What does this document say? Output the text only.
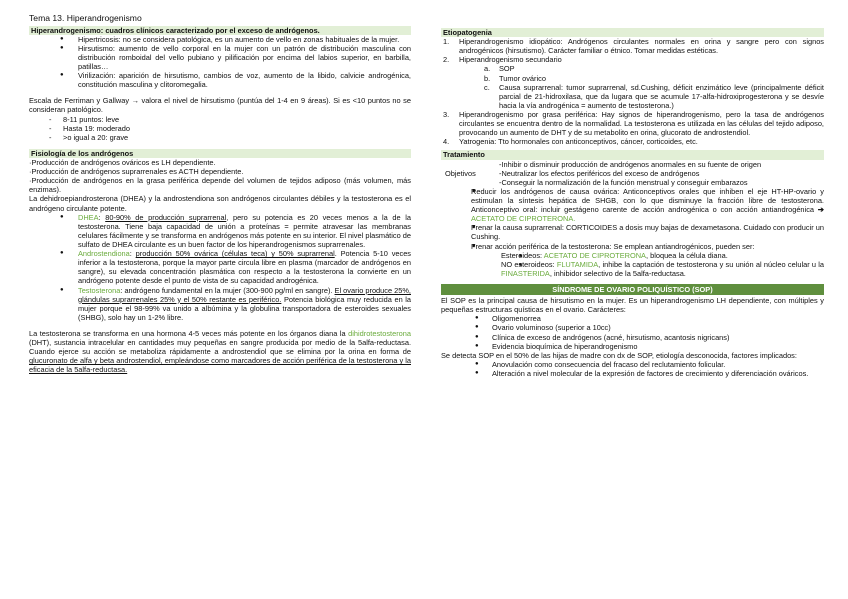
Tema 13. Hiperandrogenismo
Hiperandrogenismo: cuadros clínicos caracterizado por el exceso de andrógenos.
● Hipertricosis: no se considera patológica, es un aumento de vello en zonas habituales de la mujer.
● Hirsutismo: aumento de vello corporal en la mujer con un patrón de distribución masculina con distribución romboidal del vello pubiano y pilificación por encima del labios superior, en barbilla, patillas…
● Virilización: aparición de hirsutismo, cambios de voz, aumento de la libido, calvicie androgénica, constitución masculina y clitoromegalia.

Escala de Ferriman y Gallway → valora el nivel de hirsutismo (puntúa del 1-4 en 9 áreas). Si es <10 puntos no se consideran patológico.

- 8-11 puntos: leve
- Hasta 19: moderado
- >o igual a 20: grave
Fisiología de los andrógenos

·Producción de andrógenos ováricos es LH dependiente.

·Producción de andrógenos suprarrenales es ACTH dependiente.

·Producción de andrógenos en la grasa periférica depende del volumen de tejidos adiposo (más volumen, más enzimas).

La dehidroepiandrosterona (DHEA) y la androstendiona son andrógenos circulantes débiles y la testosterona es el andrógeno circulante potente.

● DHEA: 80-90% de producción suprarrenal, pero su potencia es 20 veces menos a la de la testosterona. Tiene baja capacidad de unión a proteínas = permite atravesar las membranas celulares fácilmente y se transforma en andrógenos más potente en su interior. El nivel plasmático de sulfato de DHEA circulante es un buen factor de los hiperandrogenismos suprarrenales.
● Androstendiona: producción 50% ovárica (células teca) y 50% suprarrenal. Potencia 5-10 veces inferior a la testosterona, porque la mayor parte circula libre en plasma (marcador de andrógenos en sangre), su elevada concentración plasmática con respecto a la testosterona la convierte en un andrógeno potente desde el punto de vista de su capacidad androgénica.
● Testosterona: andrógeno fundamental en la mujer (300-900 pg/ml en sangre). El ovario produce 25%, glándulas suprarrenales 25% y el 50% restante es periférico. Potencia biológica muy reducida en la mujer porque el 98-99% va unido a albúmina y la globulina transportadora de esteroides sexuales (SHBG), solo hay un 1-2% libre.

La testosterona se transforma en una hormona 4-5 veces más potente en los órganos diana la dihidrotestosterona (DHT), sustancia intracelular en cantidades muy pequeñas en sangre producida por medio de la 5alfa-reductasa. Cuando ejerce su acción se metaboliza rápidamente a androstendiol que se elimina por la orina en forma de glucuronato de alfa y beta androstendiol, empleándose como marcadores de acción periférica de la testosterona y la eficacia de la 5alfa-reductasa.

Etiopatogenia
1. Hiperandrogenismo idiopático: Andrógenos circulantes normales en orina y sangre pero con signos androgénicos (hirsutismo). Carácter familiar o étnico. Tomar medidas estéticas.
2. Hiperandrogenismo secundario
a. SOP
b. Tumor ovárico
c. Causa suprarrenal: tumor suprarrenal, sd.Cushing, déficit enzimático leve (principalmente déficit parcial de 21-hidroxilasa, que da lugara que se acumule 17-alfa-hidroxiprogesterona y se desvíe hacia la vía androgénica = aumento de testosterona.)
3. Hiperandrogenismo por grasa periférica: Hay signos de hiperandrogenismo, pero la tasa de andrógenos circulantes se encuentra dentro de la normalidad. La testosterona es utilizada en las células del tejido adiposo, provocando un aumento de DHT y de su metabolito en orina, glucorato de androstendiol.
4. Yatrogenia: Tto hormonales con anticonceptivos, cáncer, corticoides, etc.
Tratamiento
Objetivos
-Inhibir o disminuir producción de andrógenos anormales en su fuente de origen
-Neutralizar los efectos periféricos del exceso de andrógenos
-Conseguir la normalización de la función menstrual y conseguir embarazos
● Reducir los andrógenos de causa ovárica: Anticonceptivos orales que inhiben el eje HT-HP-ovario y estimulan la síntesis hepática de SHGB, con lo que disminuye la fracción libre de testosterona. Anticonceptivo oral: incluir gestágeno carente de acción androgénica o con acción antiandrogénica ➔ ACETATO DE CIPROTERONA.
● Frenar la causa suprarrenal: CORTICOIDES a dosis muy bajas de dexametasona. Cuidado con producir un Cushing.
● Frenar acción periférica de la testosterona: Se emplean antiandrogénicos, pueden ser:
■ Esteroideos: ACETATO DE CIPROTERONA, bloquea la célula diana.
■ NO esteroideos: FLUTAMIDA, inhibe la captación de testosterona y su unión al núcleo celular u la FINASTERIDA, inhibidor selectivo de la 5alfa-reductasa.
SÍNDROME DE OVARIO POLIQUÍSTICO (SOP)

El SOP es la principal causa de hirsutismo en la mujer. Es un hiperandrogenismo LH dependiente, con múltiples y pequeñas estructuras quísticas en el ovario. Carácteres:

● Oligomenorrea
● Ovario voluminoso (superior a 10cc)
● Clínica de exceso de andrógenos (acné, hirsutismo, acantosis nigricans)
● Evidencia bioquímica de hiperandrogenismo

Se detecta SOP en el 50% de las hijas de madre con dx de SOP, etiología desconocida, factores implicados:

● Anovulación como consecuencia del fracaso del reclutamiento folicular.
● Alteración a nivel molecular de la expresión de factores de crecimiento y diferenciación ováricos.
